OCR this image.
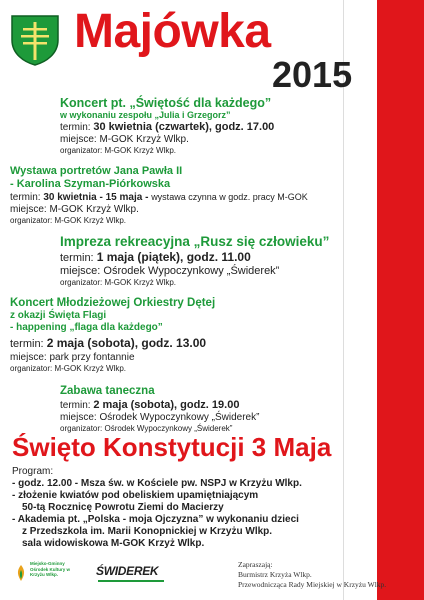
Majówka
2015
Koncert pt. „Świętość dla każdego”
w wykonaniu zespołu „Julia i Grzegorz”
termin: 30 kwietnia (czwartek), godz. 17.00
miejsce: M-GOK Krzyż Wlkp.
organizator: M-GOK Krzyż Wlkp.
Wystawa portretów Jana Pawła II
- Karolina Szyman-Piórkowska
termin: 30 kwietnia - 15 maja - wystawa czynna w godz. pracy M-GOK
miejsce: M-GOK Krzyż Wlkp.
organizator: M-GOK Krzyż Wlkp.
Impreza rekreacyjna „Rusz się człowieku”
termin: 1 maja (piątek), godz. 11.00
miejsce: Ośrodek Wypoczynkowy „Świderek”
organizator: M-GOK Krzyż Wlkp.
Koncert Młodzieżowej Orkiestry Dętej
z okazji Święta Flagi
- happening „flaga dla każdego”
termin: 2 maja (sobota), godz. 13.00
miejsce: park przy fontannie
organizator: M-GOK Krzyż Wlkp.
Zabawa taneczna
termin: 2 maja (sobota), godz. 19.00
miejsce: Ośrodek Wypoczynkowy „Świderek”
organizator: Ośrodek Wypoczynkowy „Świderek”
Święto Konstytucji 3 Maja
Program:
- godz. 12.00 - Msza św. w Kościele pw. NSPJ w Krzyżu Wlkp.
- złożenie kwiatów pod obeliskiem upamiętniającym
50-tą Rocznicę Powrotu Ziemi do Macierzy
- Akademia pt. „Polska - moja Ojczyzna” w wykonaniu dzieci
z Przedszkola im. Marii Konopnickiej w Krzyżu Wlkp.
sala widowiskowa M-GOK Krzyż Wlkp.
Miejsko-Gminny Ośrodek Kultury w Krzyżu Wlkp.	ŚWIDEREK	Zapraszają:
Burmistrz Krzyża Wlkp.
Przewodnicząca Rady Miejskiej w Krzyżu Wlkp.
